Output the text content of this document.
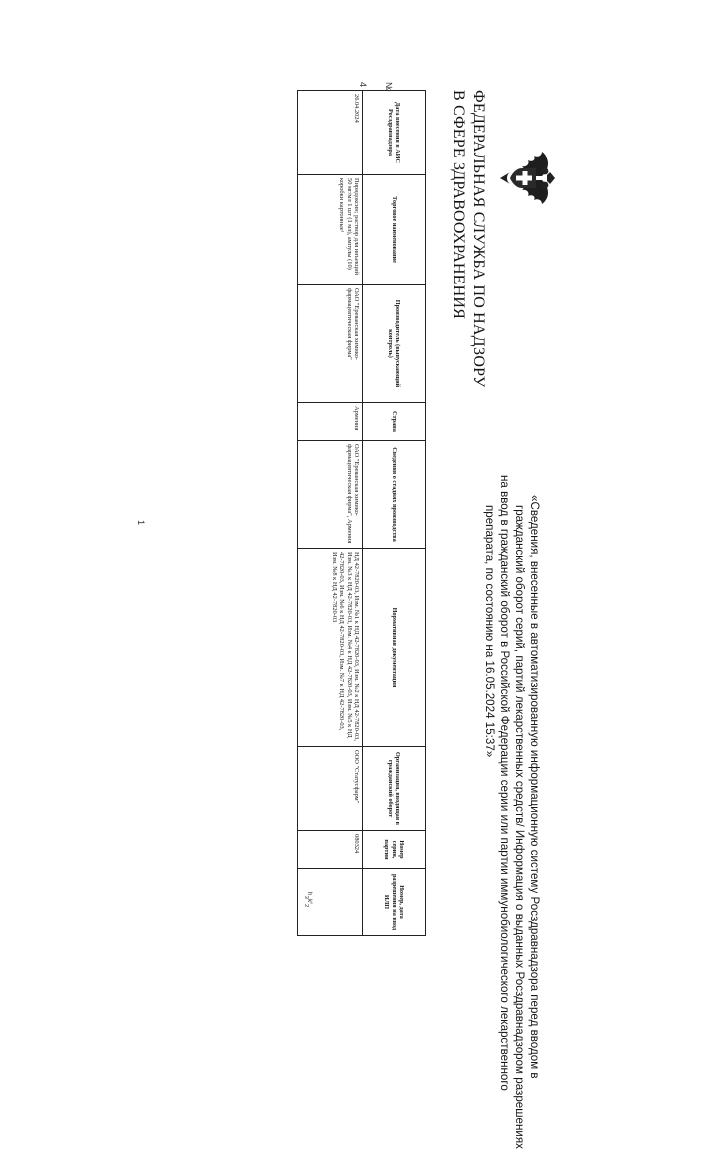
ФЕДЕРАЛЬНАЯ СЛУЖБА ПО НАДЗОРУ
В СФЕРЕ ЗДРАВООХРАНЕНИЯ
«Сведения, внесенные в автоматизированную информационную систему Росздравнадзора перед вводом в
гражданский оборот серий, партий лекарственных средств/ Информация о выданных Росздравнадзором разрешениях
на ввод в гражданский оборот в Российской Федерации серии или партии иммунобиологического лекарственного
препарата, по состоянию на 16.05.2024 15:37»
Дата внесения в АИС Росздравнадзора	Торговое наименование	Производитель (выпускающий контроль)	Страна	Сведения о стадиях производства	Нормативная документация	Организация, вводящая в гражданский оборот	Номер серии, партии	Номер, дата разрешения на ввод ИЛП
26.04.2024	Пиридоксин; раствор для инъекций 50 мг/мл 1 шт (1 мл), ампулы (10) коробки картонные¹	ОАО "Ереванская химико-фармацевтическая фирма"	Армения	ОАО "Ереванская химико-фармацевтическая фирма", Армения	НД 42-7820-03, Изм. №1 к НД 42-7820-03, Изм. №2 к НД 42-7820-03, Изм. №3 к НД 42-7820-03, Изм. №4 к НД 42-7820-03, Изм. №5 к НД 42-7820-03, Изм. №6 к НД 42-7820-03, Изм. №7 к НД 42-7820-03, Изм. №8 к НД 42-7820-03	ООО "Статусфарм"	080324	
№
4
1
ʰ₃ᵏ'₂
